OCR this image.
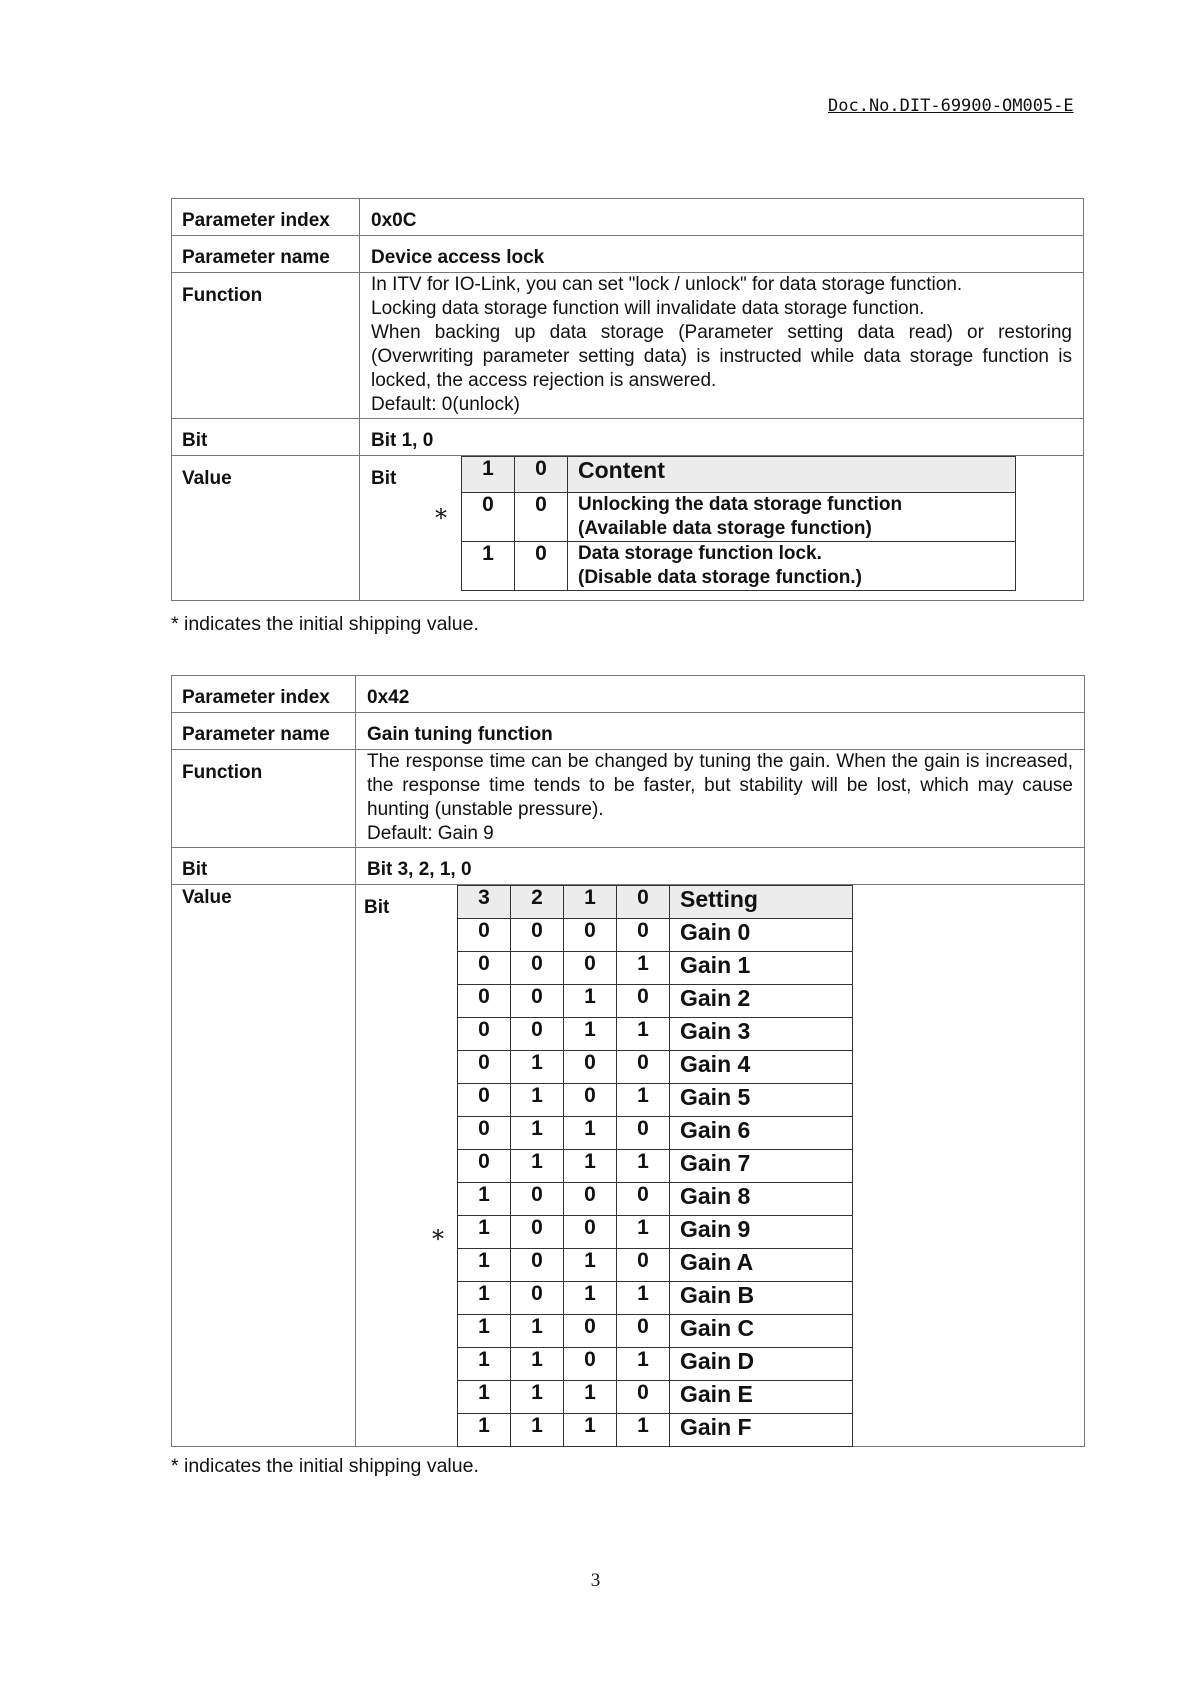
Doc.No.DIT-69900-OM005-E
Parameter index	0x0C
Parameter name	Device access lock
Function	
In ITV for IO-Link, you can set "lock / unlock" for data storage function.
Locking data storage function will invalidate data storage function.
When backing up data storage (Parameter setting data read) or restoring (Overwriting parameter setting data) is instructed while data storage function is locked, the access rejection is answered.
Default: 0(unlock)

Bit	Bit 1, 0
Value	Bit	1	0	Content
0	0	Unlocking the data storage function
(Available data storage function)

1	0	Data storage function lock.
(Disable data storage function.)
*
* indicates the initial shipping value.
Parameter index	0x42
Parameter name	Gain tuning function
Function	
The response time can be changed by tuning the gain. When the gain is increased, the response time tends to be faster, but stability will be lost, which may cause hunting (unstable pressure).
Default: Gain 9

Bit	Bit 3, 2, 1, 0
Value	Bit	3	2	1	0	Setting
0	0	0	0	Gain 0
0	0	0	1	Gain 1
0	0	1	0	Gain 2
0	0	1	1	Gain 3
0	1	0	0	Gain 4
0	1	0	1	Gain 5
0	1	1	0	Gain 6
0	1	1	1	Gain 7
1	0	0	0	Gain 8
1	0	0	1	Gain 9
1	0	1	0	Gain A
1	0	1	1	Gain B
1	1	0	0	Gain C
1	1	0	1	Gain D
1	1	1	0	Gain E
1	1	1	1	Gain F
*
* indicates the initial shipping value.
3
